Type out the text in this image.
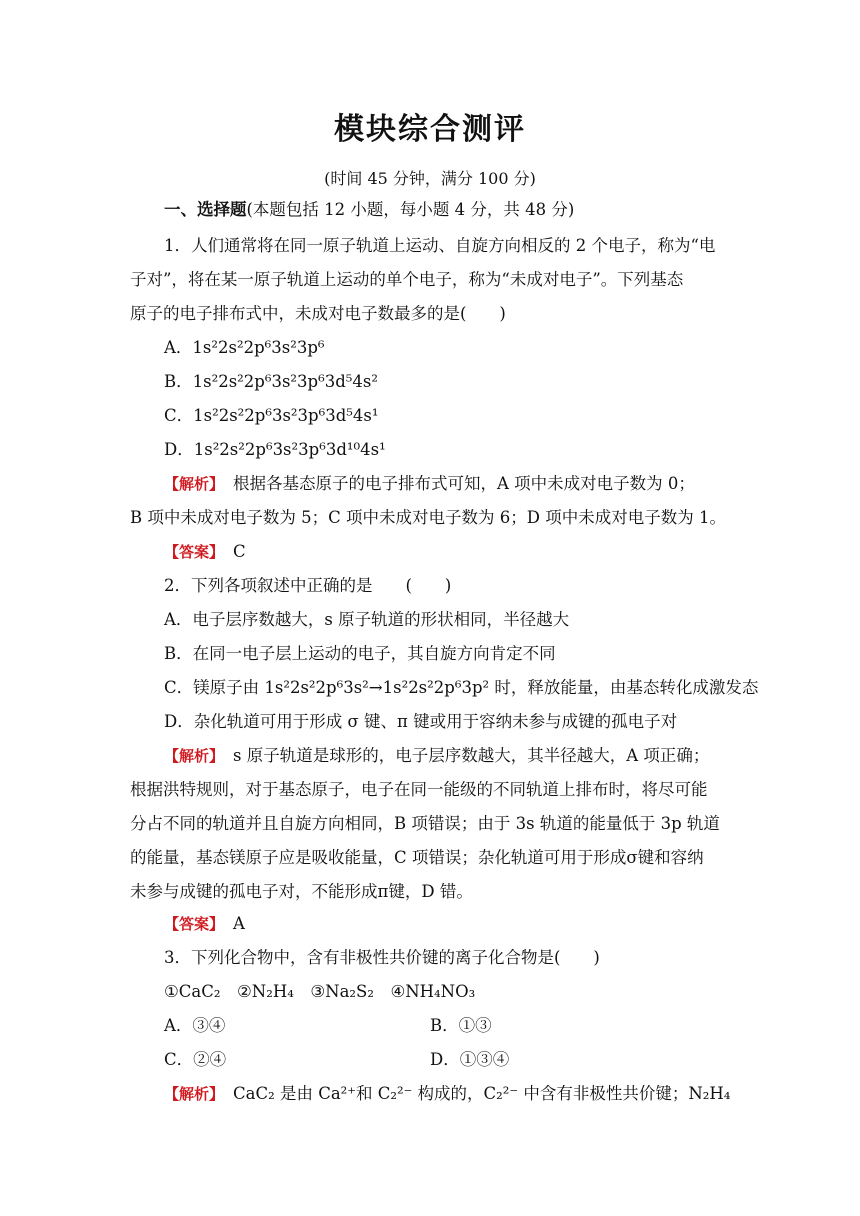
模块综合测评
(时间 45 分钟，满分 100 分)
一、选择题(本题包括 12 小题，每小题 4 分，共 48 分)
1．人们通常将在同一原子轨道上运动、自旋方向相反的 2 个电子，称为“电
子对”，将在某一原子轨道上运动的单个电子，称为“未成对电子”。下列基态
原子的电子排布式中，未成对电子数最多的是(　　)
A．1s²2s²2p⁶3s²3p⁶
B．1s²2s²2p⁶3s²3p⁶3d⁵4s²
C．1s²2s²2p⁶3s²3p⁶3d⁵4s¹
D．1s²2s²2p⁶3s²3p⁶3d¹⁰4s¹
【解析】　 根据各基态原子的电子排布式可知，A 项中未成对电子数为 0；
B 项中未成对电子数为 5；C 项中未成对电子数为 6；D 项中未成对电子数为 1。
【答案】　 C
2．下列各项叙述中正确的是　　(　　)
A．电子层序数越大，s 原子轨道的形状相同，半径越大
B．在同一电子层上运动的电子，其自旋方向肯定不同
C．镁原子由 1s²2s²2p⁶3s²→1s²2s²2p⁶3p² 时，释放能量，由基态转化成激发态
D．杂化轨道可用于形成 σ 键、π 键或用于容纳未参与成键的孤电子对
【解析】　 s 原子轨道是球形的，电子层序数越大，其半径越大，A 项正确；
根据洪特规则，对于基态原子，电子在同一能级的不同轨道上排布时，将尽可能
分占不同的轨道并且自旋方向相同，B 项错误；由于 3s 轨道的能量低于 3p 轨道
的能量，基态镁原子应是吸收能量，C 项错误；杂化轨道可用于形成σ键和容纳
未参与成键的孤电子对，不能形成π键，D 错。
【答案】　 A
3．下列化合物中，含有非极性共价键的离子化合物是(　　)
①CaC₂　②N₂H₄　③Na₂S₂　④NH₄NO₃
A．③④	B．①③
C．②④	D．①③④
【解析】　 CaC₂ 是由 Ca²⁺和 C₂²⁻ 构成的，C₂²⁻ 中含有非极性共价键；N₂H₄
